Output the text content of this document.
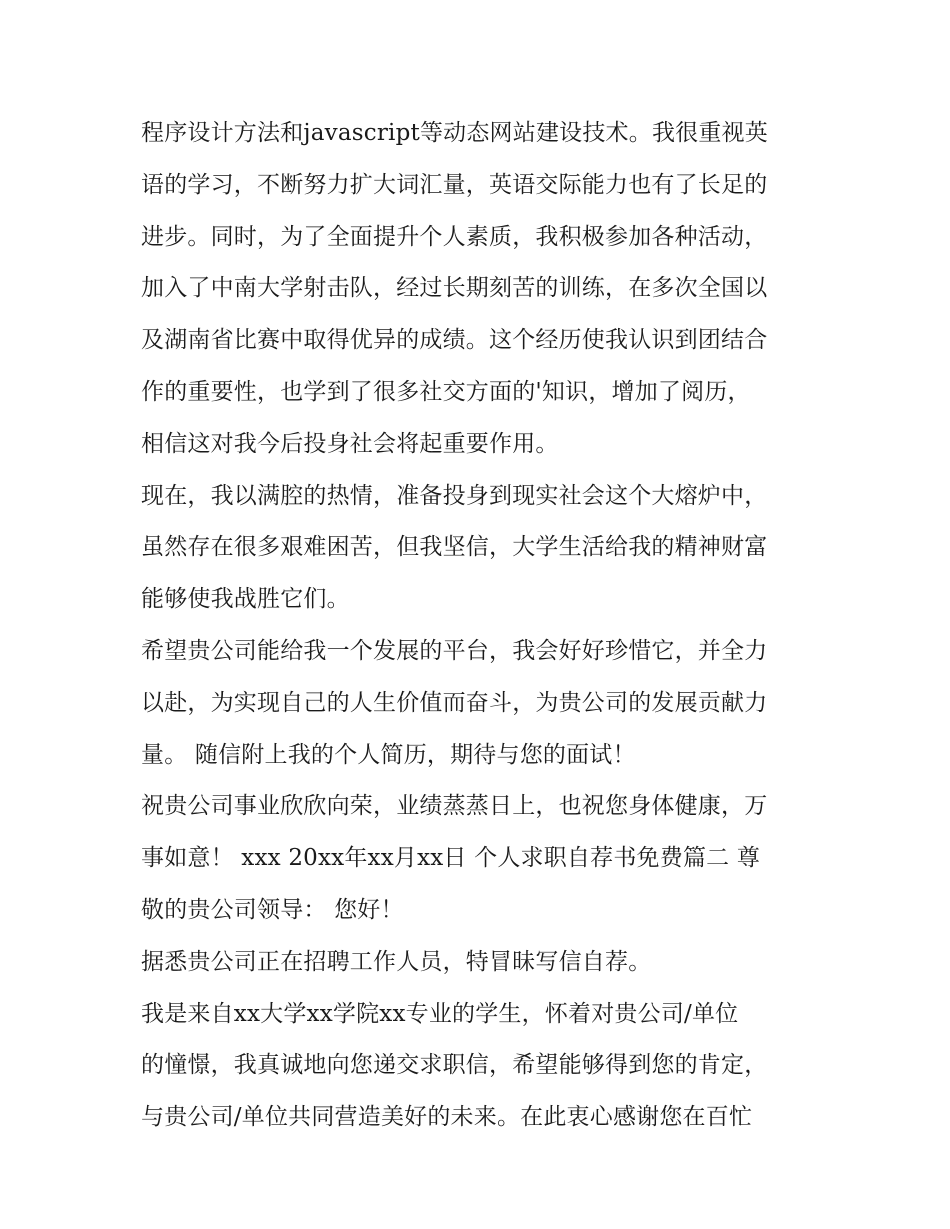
程序设计方法和javascript等动态网站建设技术。我很重视英
语的学习，不断努力扩大词汇量，英语交际能力也有了长足的
进步。同时，为了全面提升个人素质，我积极参加各种活动，
加入了中南大学射击队，经过长期刻苦的训练，在多次全国以
及湖南省比赛中取得优异的成绩。这个经历使我认识到团结合
作的重要性，也学到了很多社交方面的'知识，增加了阅历，
相信这对我今后投身社会将起重要作用。
现在，我以满腔的热情，准备投身到现实社会这个大熔炉中，
虽然存在很多艰难困苦，但我坚信，大学生活给我的精神财富
能够使我战胜它们。
希望贵公司能给我一个发展的平台，我会好好珍惜它，并全力
以赴，为实现自己的人生价值而奋斗，为贵公司的发展贡献力
量。 随信附上我的个人简历，期待与您的面试！
祝贵公司事业欣欣向荣，业绩蒸蒸日上，也祝您身体健康，万
事如意！ xxx 20xx年xx月xx日 个人求职自荐书免费篇二 尊
敬的贵公司领导： 您好！
据悉贵公司正在招聘工作人员，特冒昧写信自荐。
我是来自xx大学xx学院xx专业的学生，怀着对贵公司/单位
的憧憬，我真诚地向您递交求职信，希望能够得到您的肯定，
与贵公司/单位共同营造美好的未来。在此衷心感谢您在百忙
